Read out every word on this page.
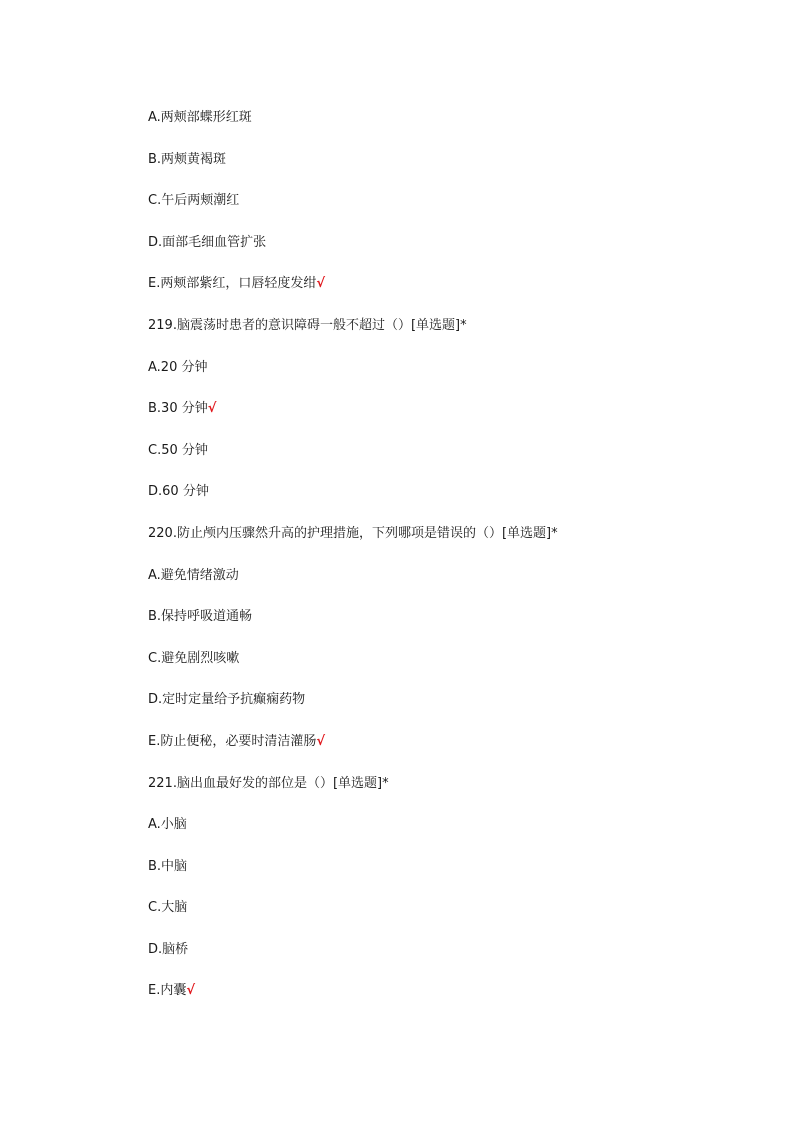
A.两颊部蝶形红斑
B.两颊黄褐斑
C.午后两颊潮红
D.面部毛细血管扩张
E.两颊部紫红，口唇轻度发绀√
219.脑震荡时患者的意识障碍一般不超过（）[单选题]*
A.20 分钟
B.30 分钟√
C.50 分钟
D.60 分钟
220.防止颅内压骤然升高的护理措施，下列哪项是错误的（）[单选题]*
A.避免情绪激动
B.保持呼吸道通畅
C.避免剧烈咳嗽
D.定时定量给予抗癫痫药物
E.防止便秘，必要时清洁灌肠√
221.脑出血最好发的部位是（）[单选题]*
A.小脑
B.中脑
C.大脑
D.脑桥
E.内囊√
